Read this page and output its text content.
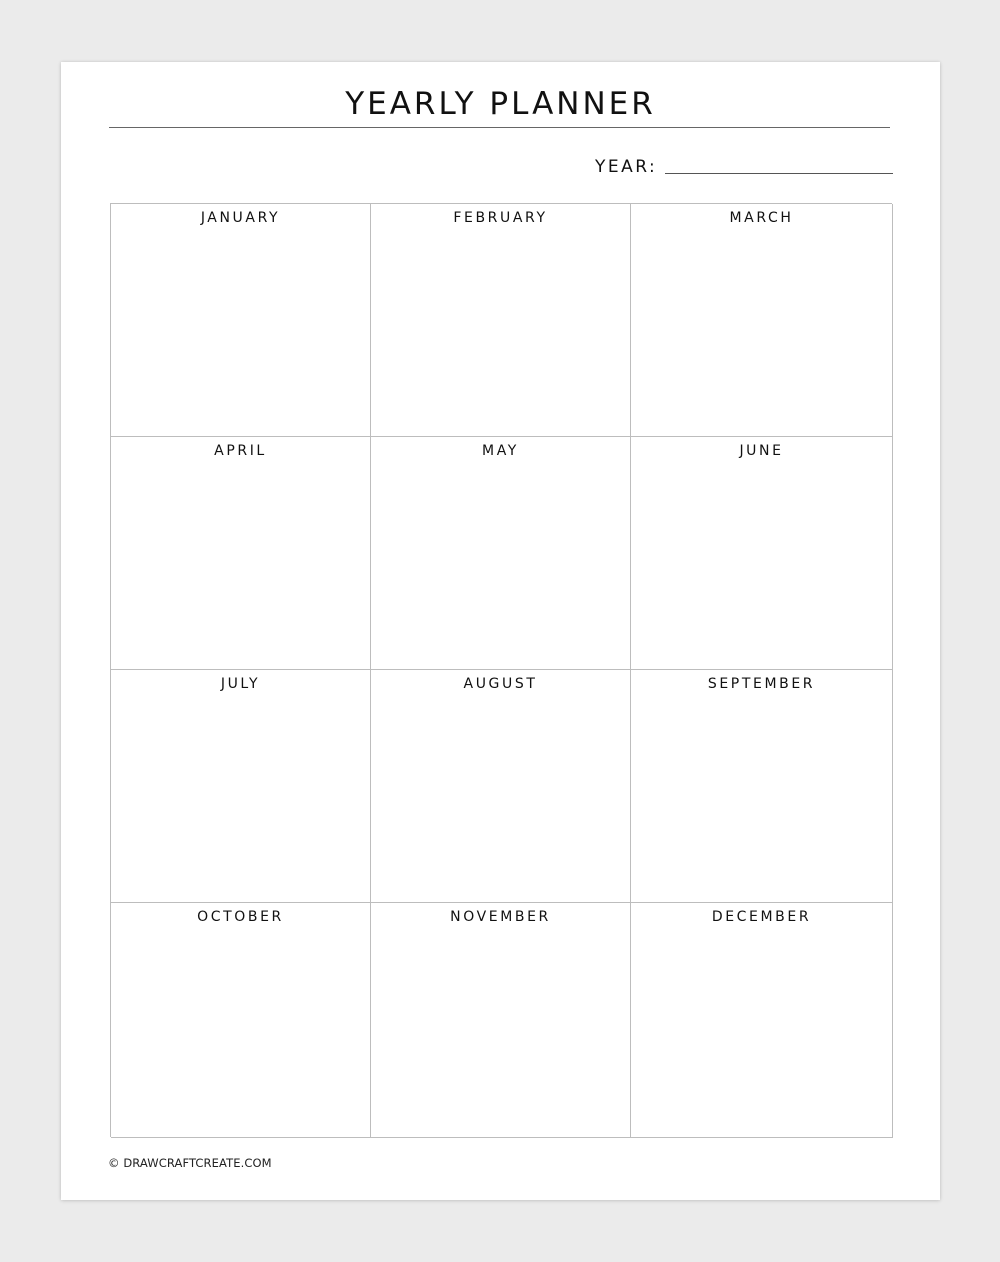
YEARLY PLANNER
YEAR:
JANUARY	FEBRUARY	MARCH
APRIL	MAY	JUNE
JULY	AUGUST	SEPTEMBER
OCTOBER	NOVEMBER	DECEMBER
© DRAWCRAFTCREATE.COM
